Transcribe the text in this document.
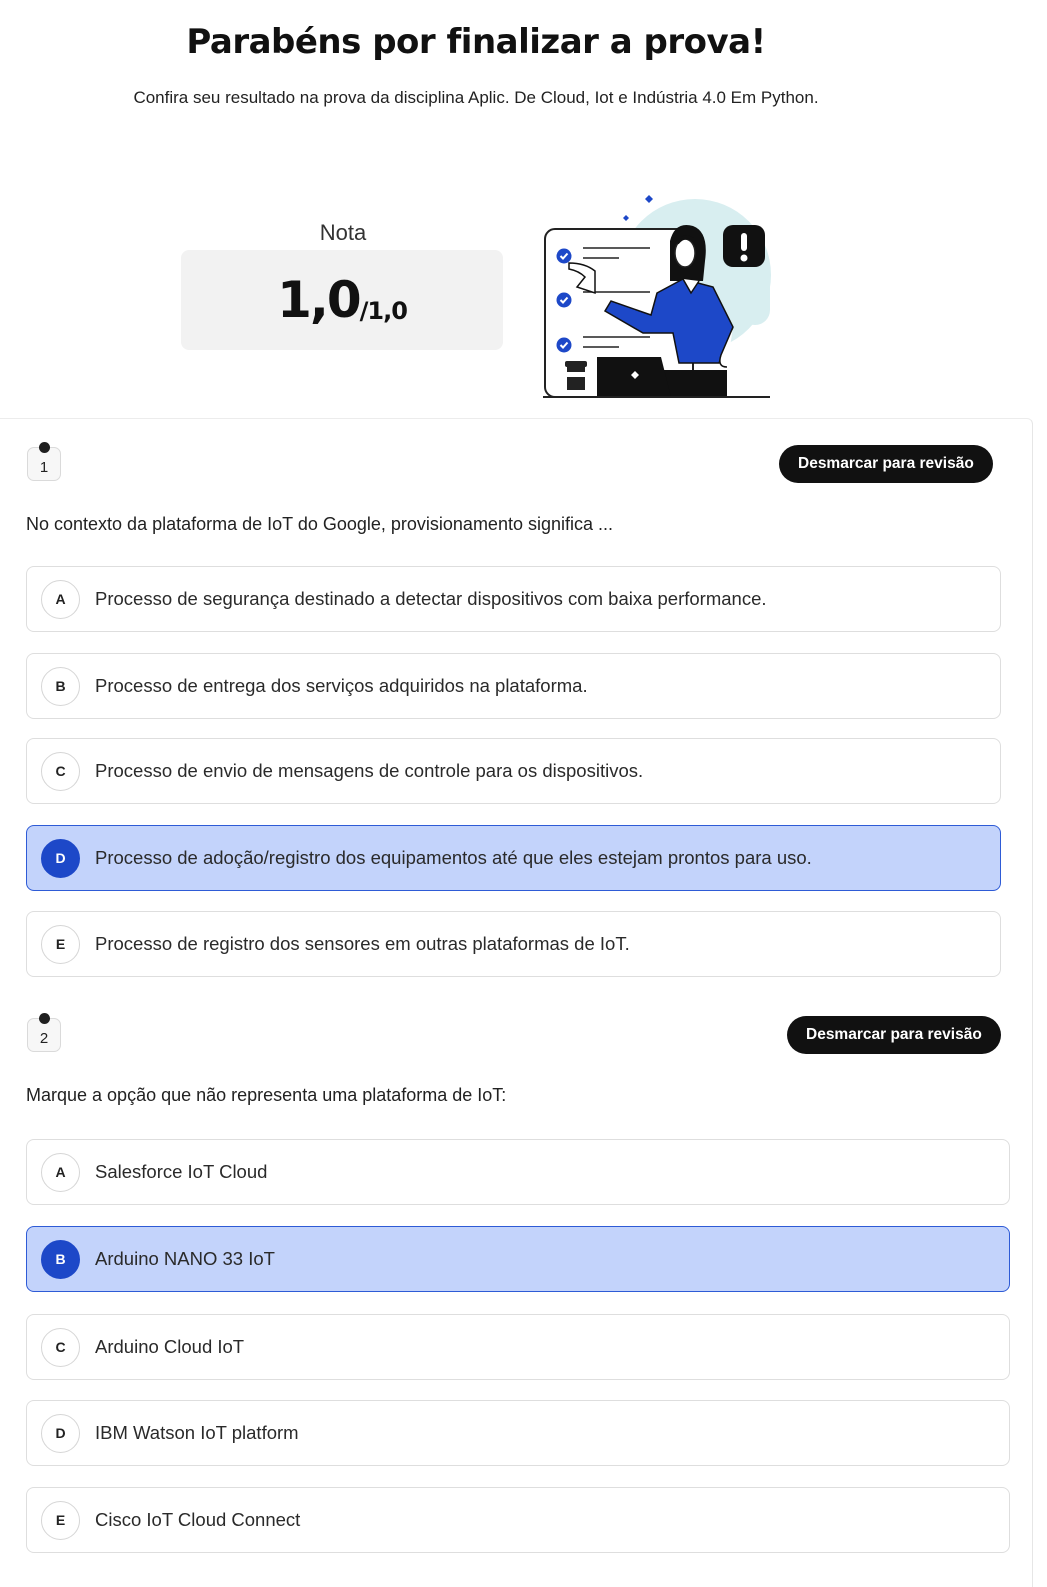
Parabéns por finalizar a prova!
Confira seu resultado na prova da disciplina Aplic. De Cloud, Iot e Indústria 4.0 Em Python.
Nota
1,0 /1,0
1	Desmarcar para revisão
No contexto da plataforma de IoT do Google, provisionamento significa ...
A	Processo de segurança destinado a detectar dispositivos com baixa performance.
B	Processo de entrega dos serviços adquiridos na plataforma.
C	Processo de envio de mensagens de controle para os dispositivos.
D	Processo de adoção/registro dos equipamentos até que eles estejam prontos para uso.
E	Processo de registro dos sensores em outras plataformas de IoT.
2	Desmarcar para revisão
Marque a opção que não representa uma plataforma de IoT:
A	Salesforce IoT Cloud
B	Arduino NANO 33 IoT
C	Arduino Cloud IoT
D	IBM Watson IoT platform
E	Cisco IoT Cloud Connect
